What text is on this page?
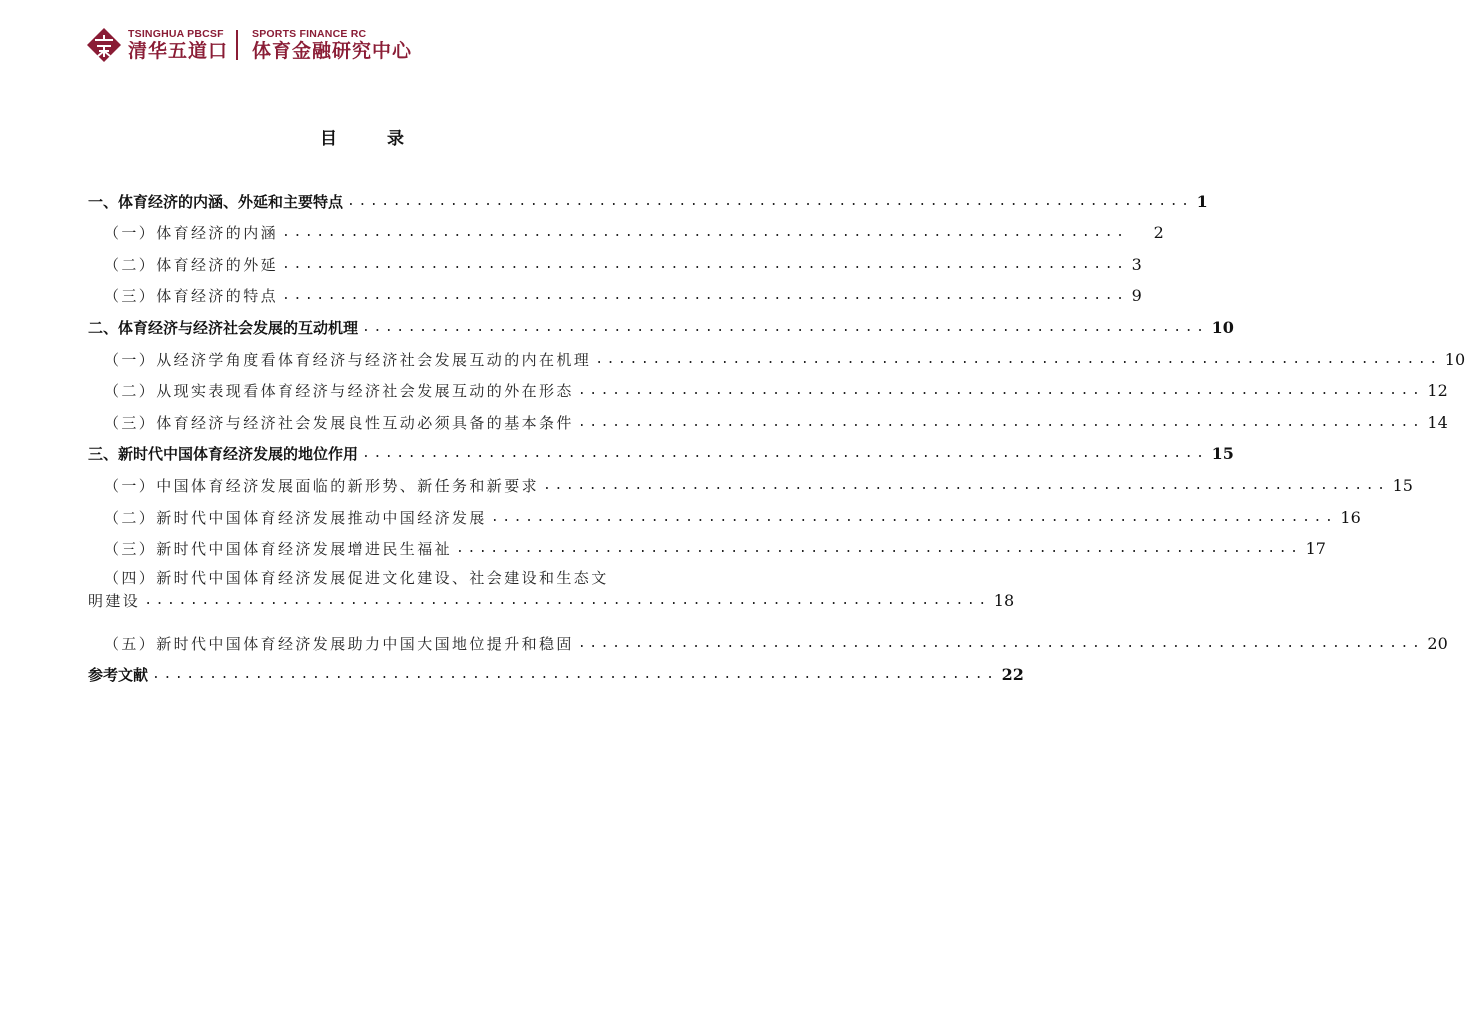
TSINGHUA PBCSF
清华五道口
SPORTS FINANCE RC
体育金融研究中心
目 录
一、体育经济的内涵、外延和主要特点 .......................................................................... 1
（一）体育经济的内涵 .......................................................................... 2
（二）体育经济的外延 .......................................................................... 3
（三）体育经济的特点 .......................................................................... 9
二、体育经济与经济社会发展的互动机理 .......................................................................... 10
（一）从经济学角度看体育经济与经济社会发展互动的内在机理 .......................................................................... 10
（二）从现实表现看体育经济与经济社会发展互动的外在形态 .......................................................................... 12
（三）体育经济与经济社会发展良性互动必须具备的基本条件 .......................................................................... 14
三、新时代中国体育经济发展的地位作用 .......................................................................... 15
（一）中国体育经济发展面临的新形势、新任务和新要求 .......................................................................... 15
（二）新时代中国体育经济发展推动中国经济发展 .......................................................................... 16
（三）新时代中国体育经济发展增进民生福祉 .......................................................................... 17
（四）新时代中国体育经济发展促进文化建设、社会建设和生态文
明建设 .......................................................................... 18
（五）新时代中国体育经济发展助力中国大国地位提升和稳固 .......................................................................... 20
参考文献 .......................................................................... 22
